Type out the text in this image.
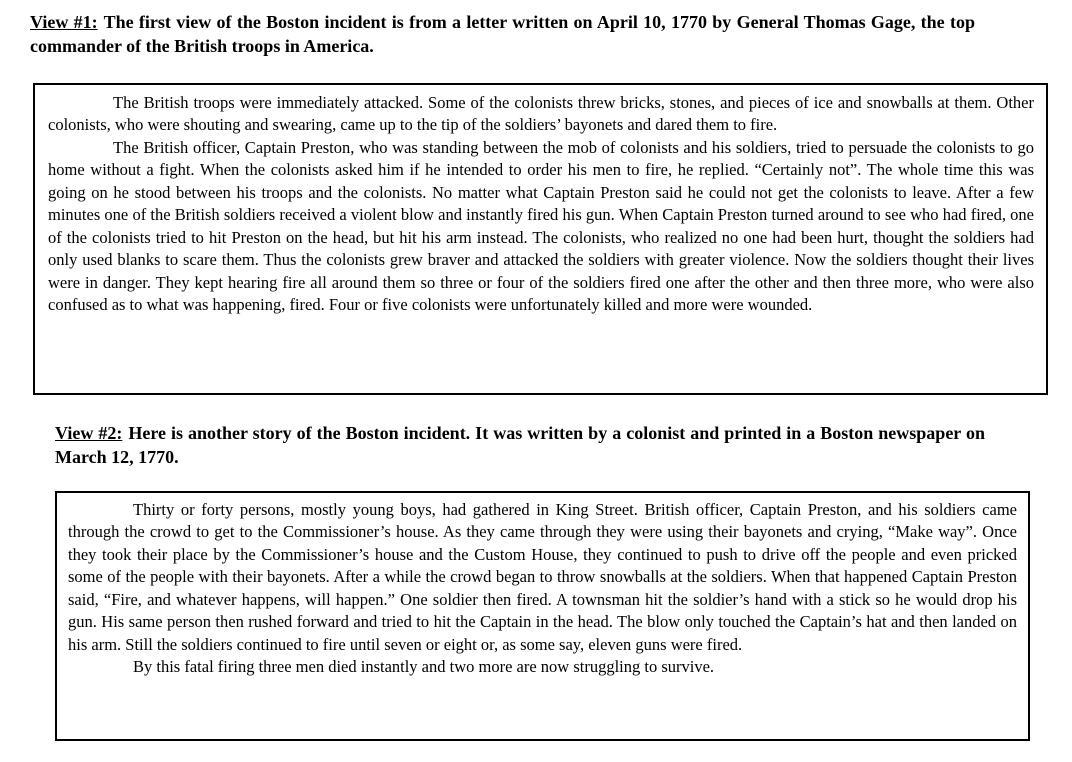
View #1: The first view of the Boston incident is from a letter written on April 10, 1770 by General Thomas Gage, the top commander of the British troops in America.

The British troops were immediately attacked. Some of the colonists threw bricks, stones, and pieces of ice and snowballs at them. Other colonists, who were shouting and swearing, came up to the tip of the soldiers’ bayonets and dared them to fire.

The British officer, Captain Preston, who was standing between the mob of colonists and his soldiers, tried to persuade the colonists to go home without a fight. When the colonists asked him if he intended to order his men to fire, he replied. “Certainly not”. The whole time this was going on he stood between his troops and the colonists. No matter what Captain Preston said he could not get the colonists to leave. After a few minutes one of the British soldiers received a violent blow and instantly fired his gun. When Captain Preston turned around to see who had fired, one of the colonists tried to hit Preston on the head, but hit his arm instead. The colonists, who realized no one had been hurt, thought the soldiers had only used blanks to scare them. Thus the colonists grew braver and attacked the soldiers with greater violence. Now the soldiers thought their lives were in danger. They kept hearing fire all around them so three or four of the soldiers fired one after the other and then three more, who were also confused as to what was happening, fired. Four or five colonists were unfortunately killed and more were wounded.

View #2: Here is another story of the Boston incident. It was written by a colonist and printed in a Boston newspaper on March 12, 1770.

Thirty or forty persons, mostly young boys, had gathered in King Street. British officer, Captain Preston, and his soldiers came through the crowd to get to the Commissioner’s house. As they came through they were using their bayonets and crying, “Make way”. Once they took their place by the Commissioner’s house and the Custom House, they continued to push to drive off the people and even pricked some of the people with their bayonets. After a while the crowd began to throw snowballs at the soldiers. When that happened Captain Preston said, “Fire, and whatever happens, will happen.” One soldier then fired. A townsman hit the soldier’s hand with a stick so he would drop his gun. His same person then rushed forward and tried to hit the Captain in the head. The blow only touched the Captain’s hat and then landed on his arm. Still the soldiers continued to fire until seven or eight or, as some say, eleven guns were fired.

By this fatal firing three men died instantly and two more are now struggling to survive.
